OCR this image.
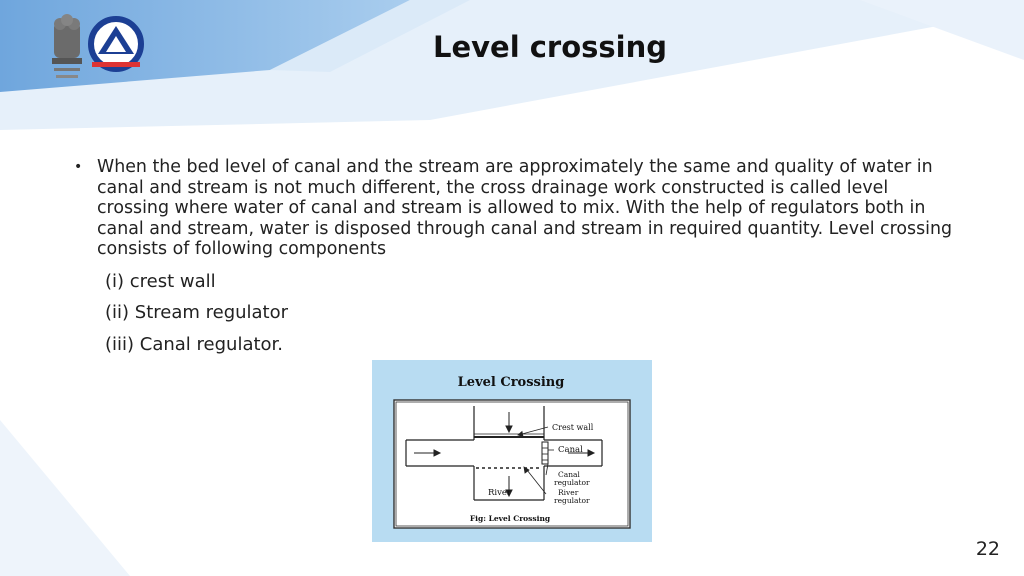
Level crossing
• When the bed level of canal and the stream are approximately the same and quality of water in canal and stream is not much different, the cross drainage work constructed is called level crossing where water of canal and stream is allowed to mix. With the help of regulators both in canal and stream, water is disposed through canal and stream in required quantity. Level crossing consists of following components
(i) crest wall
(ii) Stream regulator
(iii) Canal regulator.
Level Crossing
Crest wall
Canal
Canal
regulator
River	River
regulator
Fig: Level Crossing
22
